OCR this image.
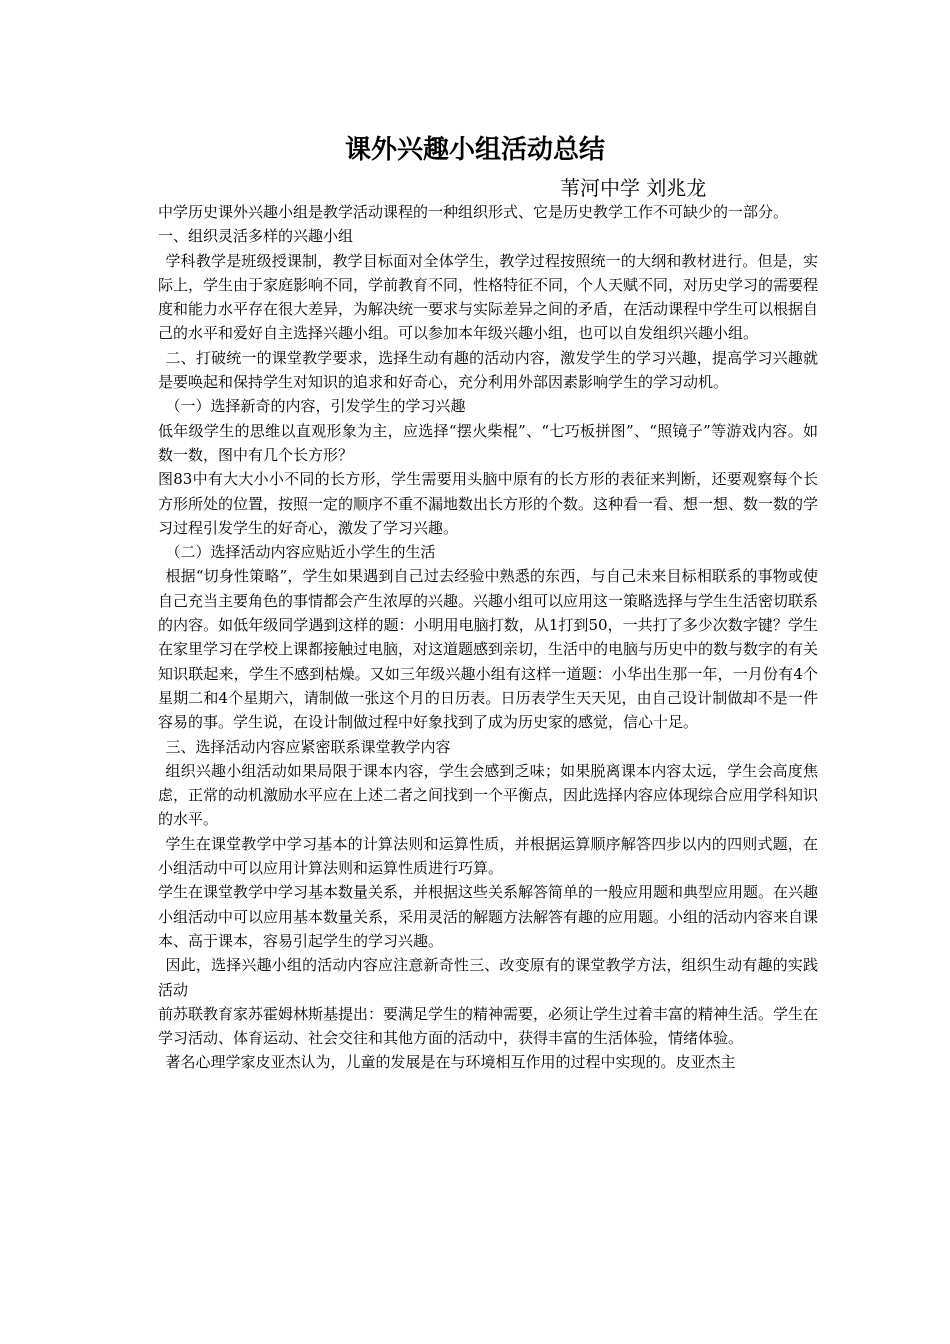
课外兴趣小组活动总结
苇河中学 刘兆龙

中学历史课外兴趣小组是教学活动课程的一种组织形式、它是历史教学工作不可缺少的一部分。

一、组织灵活多样的兴趣小组

学科教学是班级授课制，教学目标面对全体学生，教学过程按照统一的大纲和教材进行。但是，实际上，学生由于家庭影响不同，学前教育不同，性格特征不同，个人天赋不同，对历史学习的需要程度和能力水平存在很大差异，为解决统一要求与实际差异之间的矛盾，在活动课程中学生可以根据自己的水平和爱好自主选择兴趣小组。可以参加本年级兴趣小组，也可以自发组织兴趣小组。

二、打破统一的课堂教学要求，选择生动有趣的活动内容，激发学生的学习兴趣，提高学习兴趣就是要唤起和保持学生对知识的追求和好奇心，充分利用外部因素影响学生的学习动机。

（一）选择新奇的内容，引发学生的学习兴趣

低年级学生的思维以直观形象为主，应选择“摆火柴棍”、“七巧板拼图”、“照镜子”等游戏内容。如数一数，图中有几个长方形？

图83中有大大小小不同的长方形，学生需要用头脑中原有的长方形的表征来判断，还要观察每个长方形所处的位置，按照一定的顺序不重不漏地数出长方形的个数。这种看一看、想一想、数一数的学习过程引发学生的好奇心，激发了学习兴趣。

（二）选择活动内容应贴近小学生的生活

根据“切身性策略”，学生如果遇到自己过去经验中熟悉的东西，与自己未来目标相联系的事物或使自己充当主要角色的事情都会产生浓厚的兴趣。兴趣小组可以应用这一策略选择与学生生活密切联系的内容。如低年级同学遇到这样的题：小明用电脑打数，从1打到50，一共打了多少次数字键？学生在家里学习在学校上课都接触过电脑，对这道题感到亲切，生活中的电脑与历史中的数与数字的有关知识联起来，学生不感到枯燥。又如三年级兴趣小组有这样一道题：小华出生那一年，一月份有4个星期二和4个星期六，请制做一张这个月的日历表。日历表学生天天见，由自己设计制做却不是一件容易的事。学生说，在设计制做过程中好象找到了成为历史家的感觉，信心十足。

三、选择活动内容应紧密联系课堂教学内容

组织兴趣小组活动如果局限于课本内容，学生会感到乏味；如果脱离课本内容太远，学生会高度焦虑，正常的动机激励水平应在上述二者之间找到一个平衡点，因此选择内容应体现综合应用学科知识的水平。

学生在课堂教学中学习基本的计算法则和运算性质，并根据运算顺序解答四步以内的四则式题，在小组活动中可以应用计算法则和运算性质进行巧算。

学生在课堂教学中学习基本数量关系，并根据这些关系解答简单的一般应用题和典型应用题。在兴趣小组活动中可以应用基本数量关系，采用灵活的解题方法解答有趣的应用题。小组的活动内容来自课本、高于课本，容易引起学生的学习兴趣。

因此，选择兴趣小组的活动内容应注意新奇性三、改变原有的课堂教学方法，组织生动有趣的实践活动

前苏联教育家苏霍姆林斯基提出：要满足学生的精神需要，必须让学生过着丰富的精神生活。学生在学习活动、体育运动、社会交往和其他方面的活动中，获得丰富的生活体验，情绪体验。

著名心理学家皮亚杰认为，儿童的发展是在与环境相互作用的过程中实现的。皮亚杰主
